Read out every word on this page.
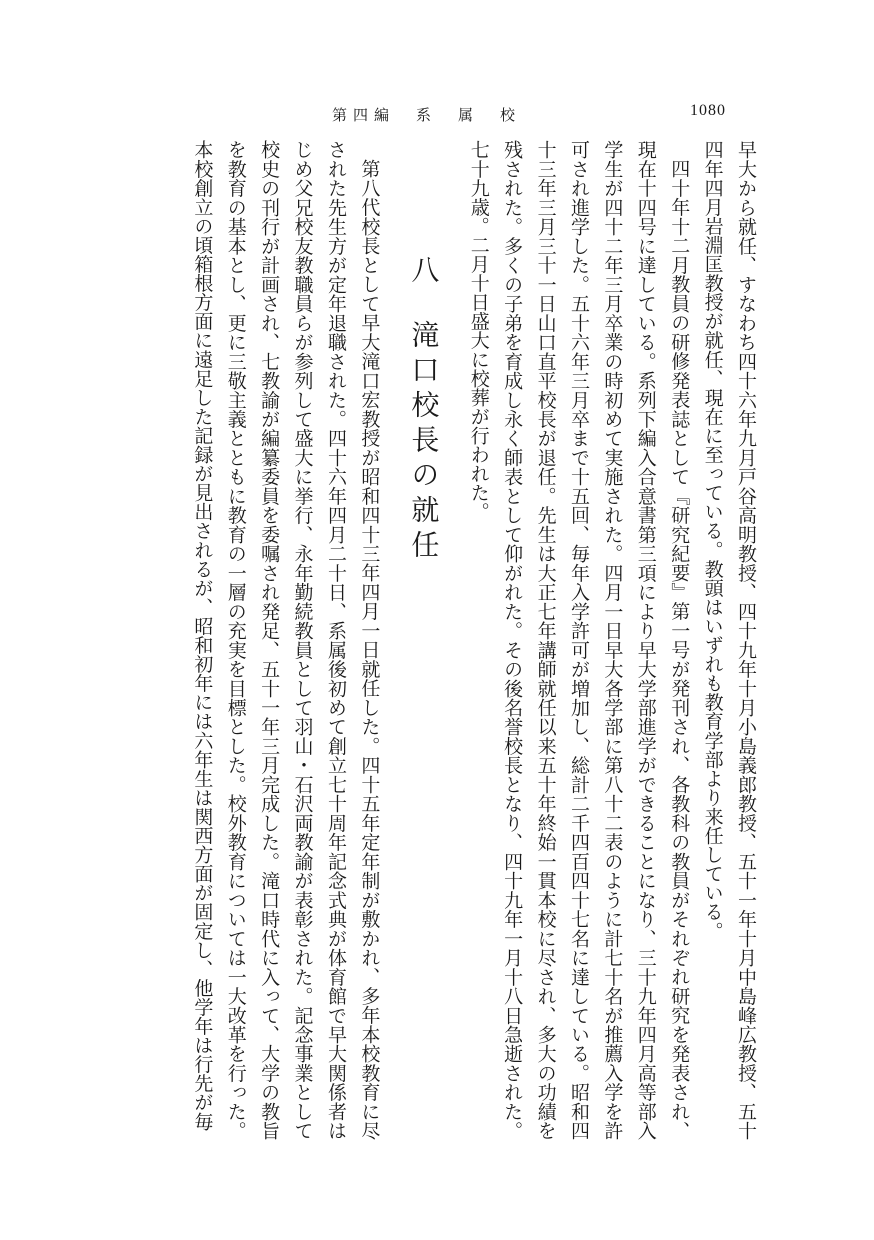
第四編　系　属　校	1080

早大から就任、すなわち四十六年九月戸谷高明教授、四十九年十月小島義郎教授、五十一年十月中島峰広教授、五十四年四月岩淵匡教授が就任、現在に至っている。教頭はいずれも教育学部より来任している。

四十年十二月教員の研修発表誌として『研究紀要』第一号が発刊され、各教科の教員がそれぞれ研究を発表され、現在十四号に達している。系列下編入合意書第三項により早大学部進学ができることになり、三十九年四月高等部入学生が四十二年三月卒業の時初めて実施された。四月一日早大各学部に第八十二表のように計七十名が推薦入学を許可され進学した。五十六年三月卒まで十五回、毎年入学許可が増加し、総計二千四百四十七名に達している。昭和四十三年三月三十一日山口直平校長が退任。先生は大正七年講師就任以来五十年終始一貫本校に尽され、多大の功績を残された。多くの子弟を育成し永く師表として仰がれた。その後名誉校長となり、四十九年一月十八日急逝された。七十九歳。二月十日盛大に校葬が行われた。

八滝口校長の就任

第八代校長として早大滝口宏教授が昭和四十三年四月一日就任した。四十五年定年制が敷かれ、多年本校教育に尽された先生方が定年退職された。四十六年四月二十日、系属後初めて創立七十周年記念式典が体育館で早大関係者はじめ父兄校友教職員らが参列して盛大に挙行、永年勤続教員として羽山・石沢両教諭が表彰された。記念事業として校史の刊行が計画され、七教諭が編纂委員を委嘱され発足、五十一年三月完成した。滝口時代に入って、大学の教旨を教育の基本とし、更に三敬主義とともに教育の一層の充実を目標とした。校外教育については一大改革を行った。本校創立の頃箱根方面に遠足した記録が見出されるが、昭和初年には六年生は関西方面が固定し、他学年は行先が毎
